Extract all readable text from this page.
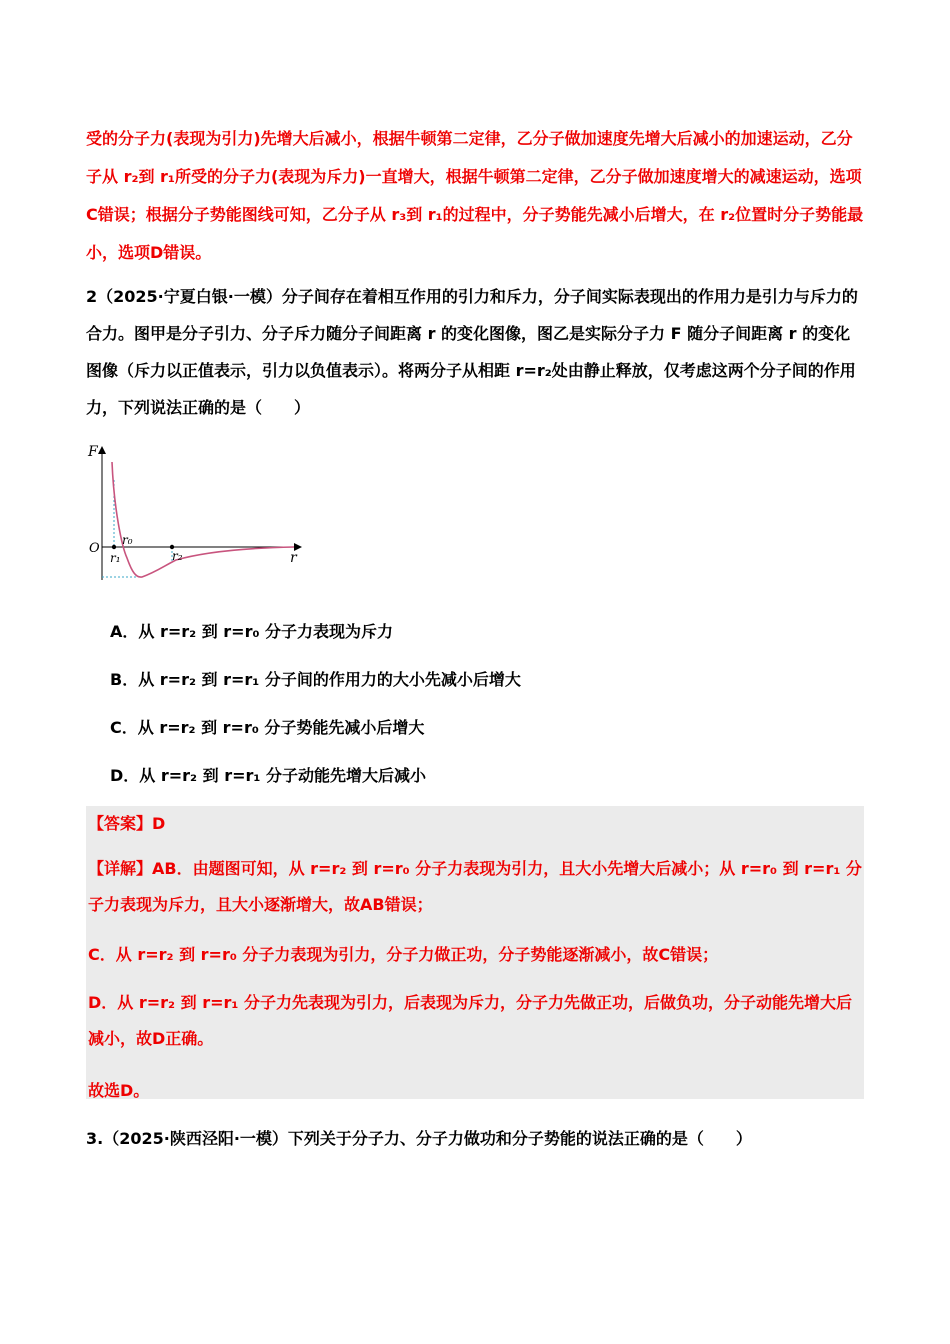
受的分子力(表现为引力)先增大后减小，根据牛顿第二定律，乙分子做加速度先增大后减小的加速运动，乙分子从 r₂到 r₁所受的分子力(表现为斥力)一直增大，根据牛顿第二定律，乙分子做加速度增大的减速运动，选项C错误；根据分子势能图线可知，乙分子从 r₃到 r₁的过程中，分子势能先减小后增大，在 r₂位置时分子势能最小，选项D错误。
2（2025·宁夏白银·一模）分子间存在着相互作用的引力和斥力，分子间实际表现出的作用力是引力与斥力的合力。图甲是分子引力、分子斥力随分子间距离 r 的变化图像，图乙是实际分子力 F 随分子间距离 r 的变化图像（斥力以正值表示，引力以负值表示）。将两分子从相距 r=r₂处由静止释放，仅考虑这两个分子间的作用力，下列说法正确的是（　　）
F
r
O
r₀
r₁	r₂
A．从 r=r₂ 到 r=r₀ 分子力表现为斥力
B．从 r=r₂ 到 r=r₁ 分子间的作用力的大小先减小后增大
C．从 r=r₂ 到 r=r₀ 分子势能先减小后增大
D．从 r=r₂ 到 r=r₁ 分子动能先增大后减小
【答案】D
【详解】AB．由题图可知，从 r=r₂ 到 r=r₀ 分子力表现为引力，且大小先增大后减小；从 r=r₀ 到 r=r₁ 分子力表现为斥力，且大小逐渐增大，故AB错误；
C．从 r=r₂ 到 r=r₀ 分子力表现为引力，分子力做正功，分子势能逐渐减小，故C错误；
D．从 r=r₂ 到 r=r₁ 分子力先表现为引力，后表现为斥力，分子力先做正功，后做负功，分子动能先增大后减小，故D正确。
故选D。
3.（2025·陕西泾阳·一模）下列关于分子力、分子力做功和分子势能的说法正确的是（　　）
